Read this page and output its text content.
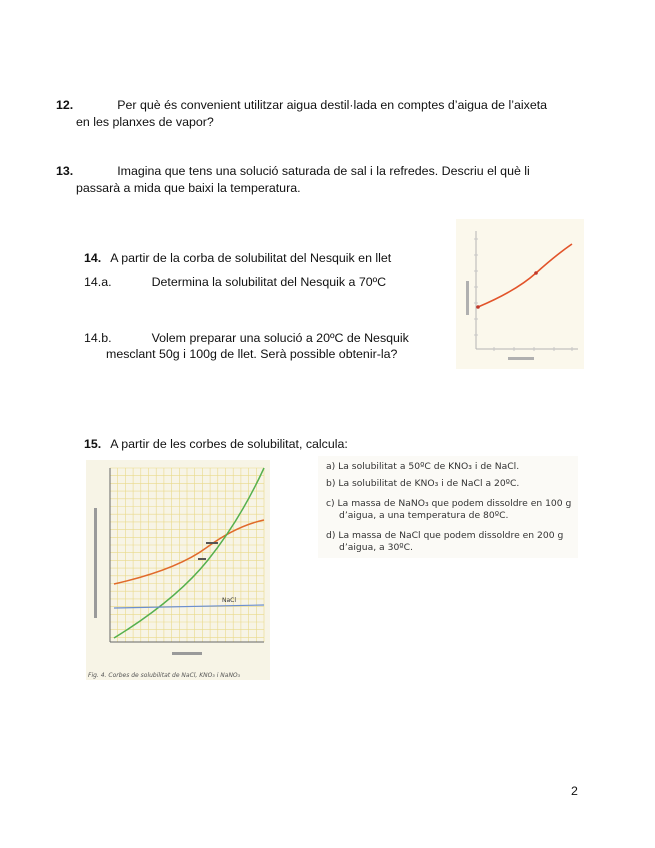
12.	Per què és convenient utilitzar aigua destil·lada en comptes d’aigua de l’aixeta
en les planxes de vapor?
13.	Imagina que tens una solució saturada de sal i la refredes. Descriu el què li
passarà a mida que baixi la temperatura.
14. A partir de la corba de solubilitat del Nesquik en llet
14.a.	Determina la solubilitat del Nesquik a 70ºC
14.b.	Volem preparar una solució a 20ºC de Nesquik
mesclant 50g i 100g de llet. Serà possible obtenir-la?
15. A partir de les corbes de solubilitat, calcula:
NaCl
Fig. 4. Corbes de solubilitat de NaCl, KNO₃ i NaNO₃
a) La solubilitat a 50ºC de KNO₃ i de NaCl.
b) La solubilitat de KNO₃ i de NaCl a 20ºC.
c) La massa de NaNO₃ que podem dissoldre en 100 g
d’aigua, a una temperatura de 80ºC.
d) La massa de NaCl que podem dissoldre en 200 g
d’aigua, a 30ºC.
2
